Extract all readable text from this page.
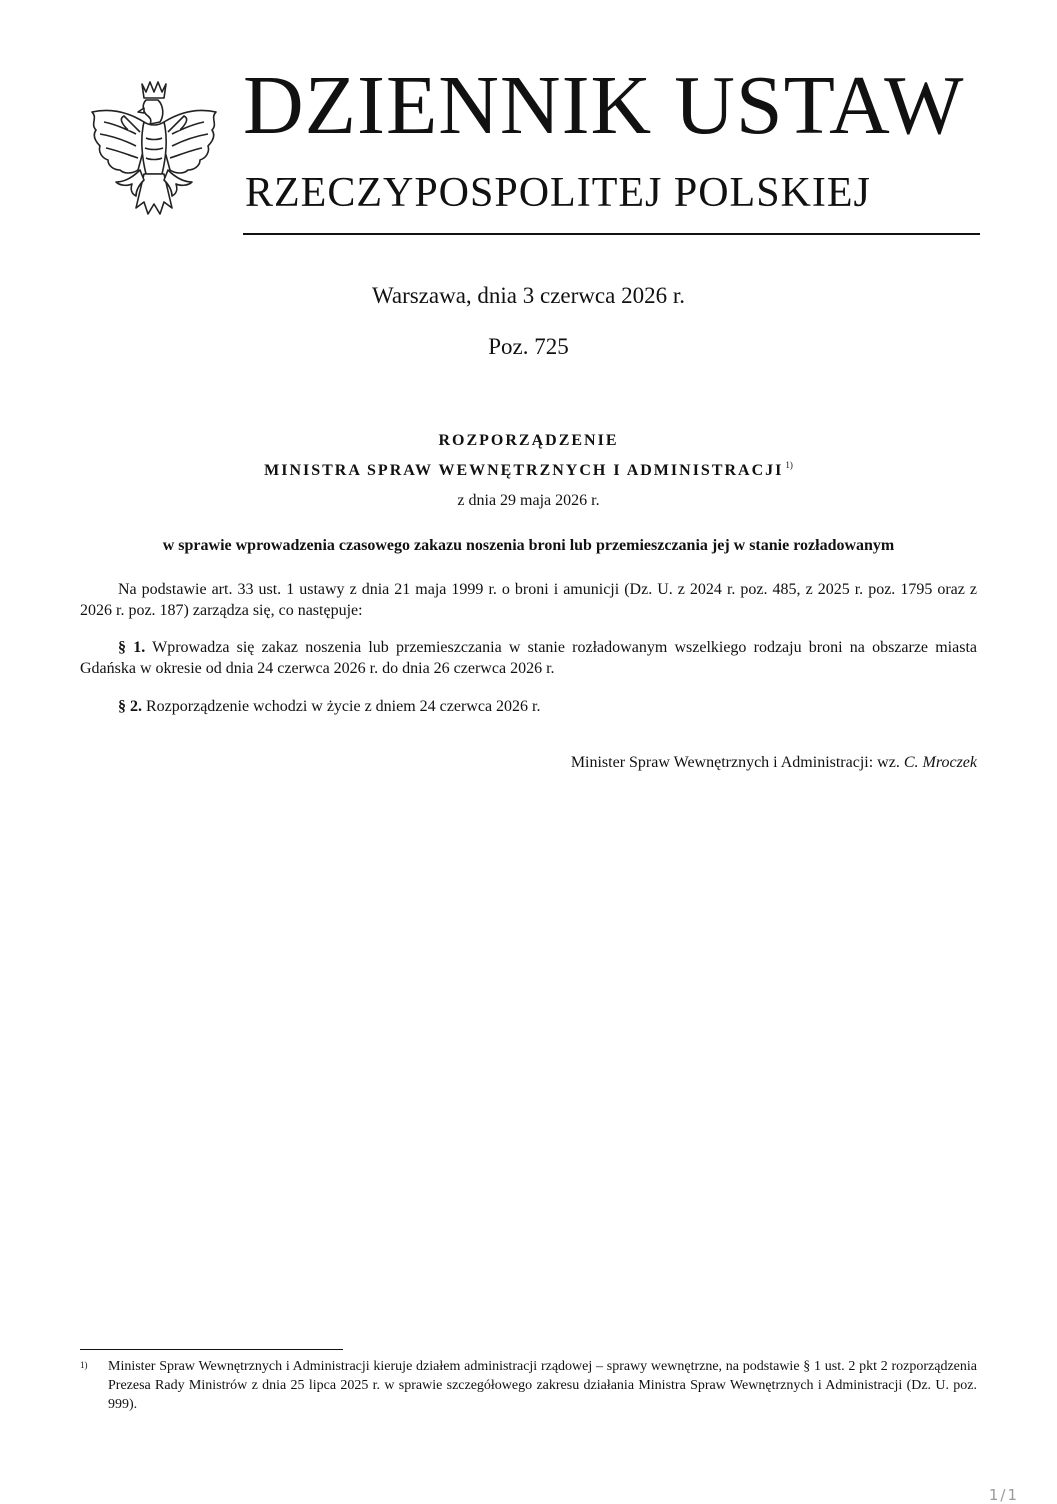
DZIENNIK USTAW
RZECZYPOSPOLITEJ POLSKIEJ
Warszawa, dnia 3 czerwca 2026 r.
Poz. 725
ROZPORZĄDZENIE
MINISTRA SPRAW WEWNĘTRZNYCH I ADMINISTRACJI $^{1)}$
z dnia 29 maja 2026 r.
w sprawie wprowadzenia czasowego zakazu noszenia broni lub przemieszczania jej w stanie rozładowanym
Na podstawie art. 33 ust. 1 ustawy z dnia 21 maja 1999 r. o broni i amunicji (Dz. U. z 2024 r. poz. 485, z 2025 r. poz. 1795 oraz z 2026 r. poz. 187) zarządza się, co następuje:
§ 1. Wprowadza się zakaz noszenia lub przemieszczania w stanie rozładowanym wszelkiego rodzaju broni na obszarze miasta Gdańska w okresie od dnia 24 czerwca 2026 r. do dnia 26 czerwca 2026 r.
§ 2. Rozporządzenie wchodzi w życie z dniem 24 czerwca 2026 r.
Minister Spraw Wewnętrznych i Administracji: wz. C. Mroczek
1)	Minister Spraw Wewnętrznych i Administracji kieruje działem administracji rządowej – sprawy wewnętrzne, na podstawie § 1 ust. 2 pkt 2 rozporządzenia Prezesa Rady Ministrów z dnia 25 lipca 2025 r. w sprawie szczegółowego zakresu działania Ministra Spraw Wewnętrznych i Administracji (Dz. U. poz. 999).
1/1
